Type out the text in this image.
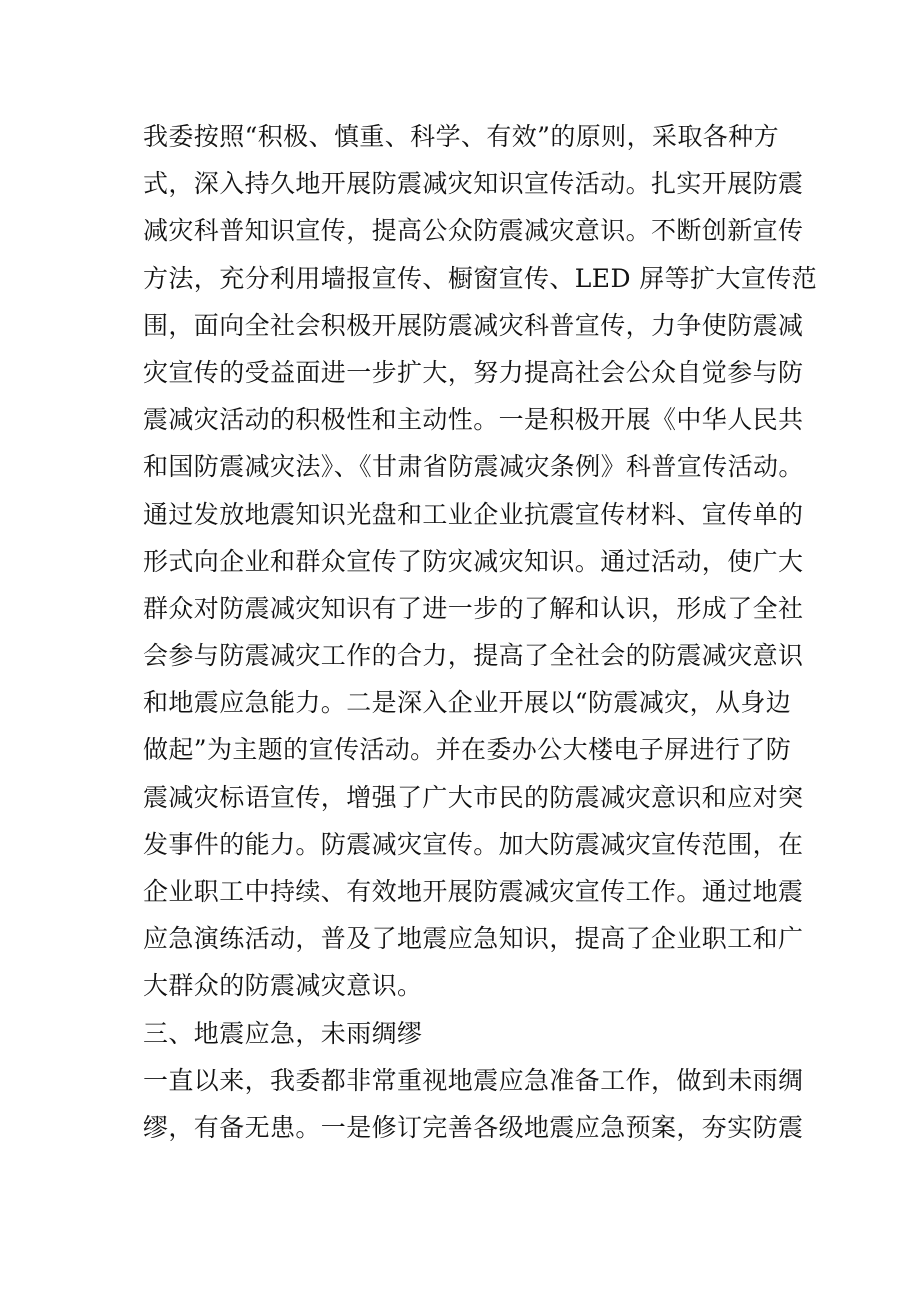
我委按照“积极、慎重、科学、有效”的原则，采取各种方
式，深入持久地开展防震减灾知识宣传活动。扎实开展防震
减灾科普知识宣传，提高公众防震减灾意识。不断创新宣传
方法，充分利用墙报宣传、橱窗宣传、LED 屏等扩大宣传范
围，面向全社会积极开展防震减灾科普宣传，力争使防震减
灾宣传的受益面进一步扩大，努力提高社会公众自觉参与防
震减灾活动的积极性和主动性。一是积极开展《中华人民共
和国防震减灾法》、《甘肃省防震减灾条例》科普宣传活动。
通过发放地震知识光盘和工业企业抗震宣传材料、宣传单的
形式向企业和群众宣传了防灾减灾知识。通过活动，使广大
群众对防震减灾知识有了进一步的了解和认识，形成了全社
会参与防震减灾工作的合力，提高了全社会的防震减灾意识
和地震应急能力。二是深入企业开展以“防震减灾，从身边
做起”为主题的宣传活动。并在委办公大楼电子屏进行了防
震减灾标语宣传，增强了广大市民的防震减灾意识和应对突
发事件的能力。防震减灾宣传。加大防震减灾宣传范围，在
企业职工中持续、有效地开展防震减灾宣传工作。通过地震
应急演练活动，普及了地震应急知识，提高了企业职工和广
大群众的防震减灾意识。
三、地震应急，未雨绸缪
一直以来，我委都非常重视地震应急准备工作，做到未雨绸
缪，有备无患。一是修订完善各级地震应急预案，夯实防震
